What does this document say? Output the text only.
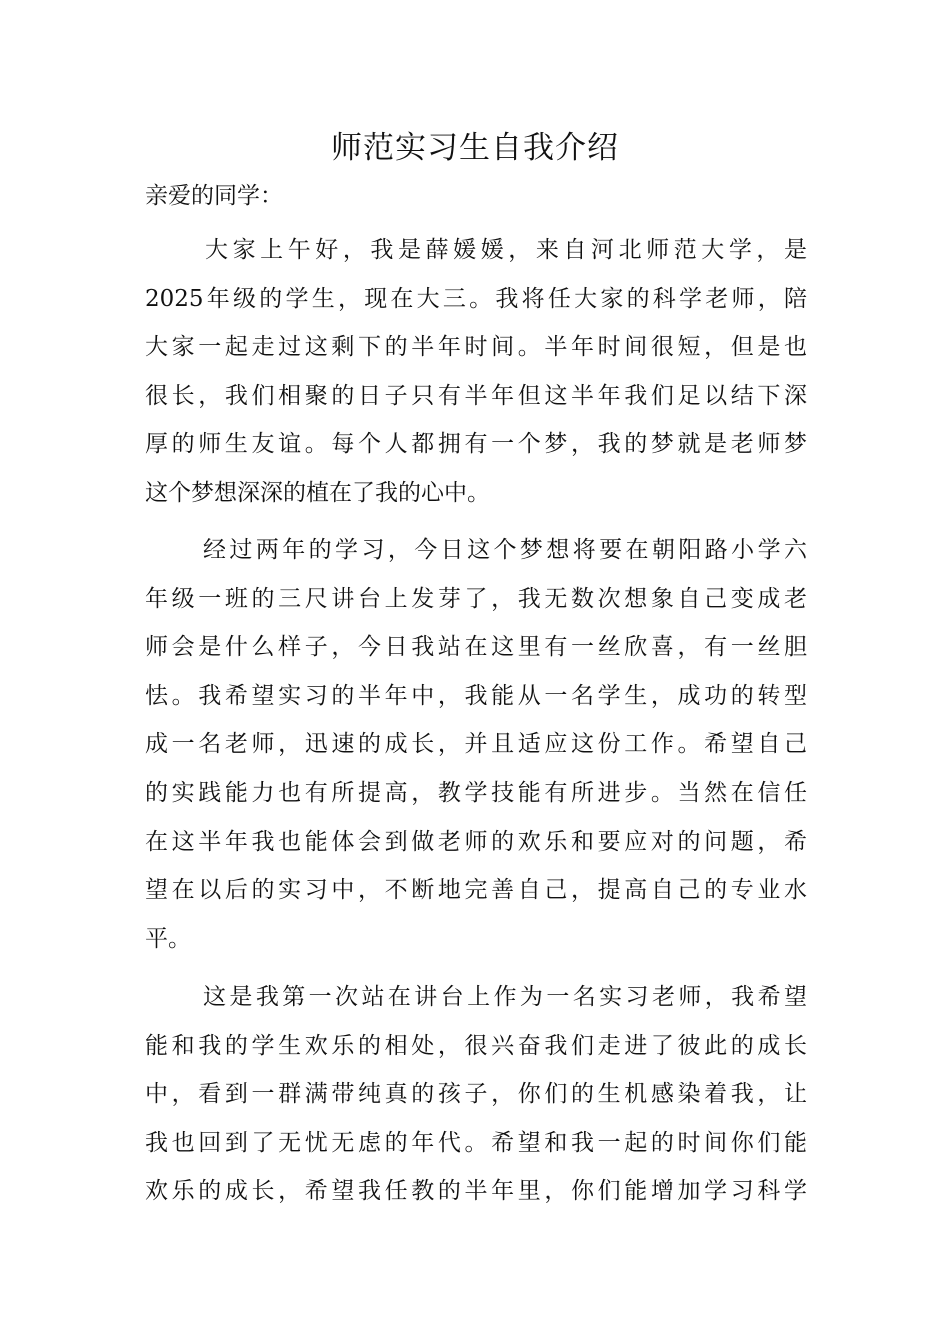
师范实习生自我介绍

亲爱的同学：

大家上午好，我是薛媛媛，来自河北师范大学，是
2025年级的学生，现在大三。我将任大家的科学老师，陪
大家一起走过这剩下的半年时间。半年时间很短，但是也
很长，我们相聚的日子只有半年但这半年我们足以结下深
厚的师生友谊。每个人都拥有一个梦，我的梦就是老师梦
这个梦想深深的植在了我的心中。
经过两年的学习，今日这个梦想将要在朝阳路小学六
年级一班的三尺讲台上发芽了，我无数次想象自己变成老
师会是什么样子，今日我站在这里有一丝欣喜，有一丝胆
怯。我希望实习的半年中，我能从一名学生，成功的转型
成一名老师，迅速的成长，并且适应这份工作。希望自己
的实践能力也有所提高，教学技能有所进步。当然在信任
在这半年我也能体会到做老师的欢乐和要应对的问题，希
望在以后的实习中，不断地完善自己，提高自己的专业水
平。
这是我第一次站在讲台上作为一名实习老师，我希望
能和我的学生欢乐的相处，很兴奋我们走进了彼此的成长
中，看到一群满带纯真的孩子，你们的生机感染着我，让
我也回到了无忧无虑的年代。希望和我一起的时间你们能
欢乐的成长，希望我任教的半年里，你们能增加学习科学
